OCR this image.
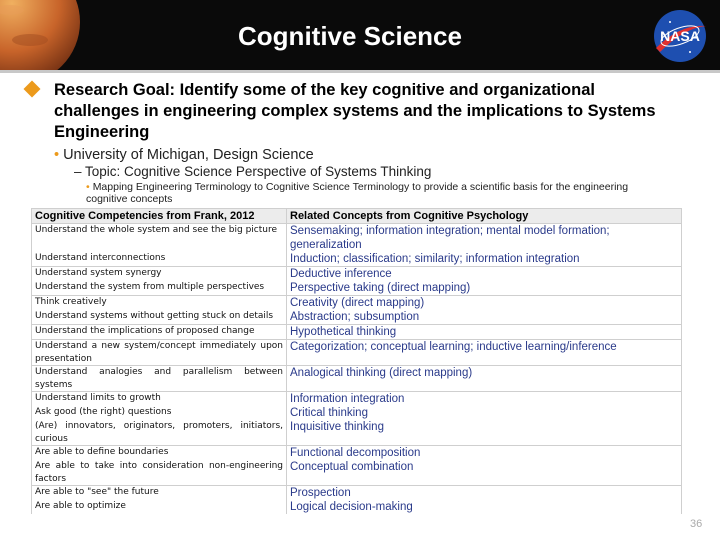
Cognitive Science	NASA
Research Goal: Identify some of the key cognitive and organizational challenges in engineering complex systems and the implications to Systems Engineering
• University of Michigan, Design Science
– Topic: Cognitive Science Perspective of Systems Thinking
• Mapping Engineering Terminology to Cognitive Science Terminology to provide a scientific basis for the engineering cognitive concepts
Cognitive Competencies from Frank, 2012	Related Concepts from Cognitive Psychology
Understand the whole system and see the big picture	Sensemaking; information integration; mental model formation;
generalization

Understand interconnections	Induction; classification; similarity; information integration

Understand system synergy	Deductive inference

Understand the system from multiple perspectives	Perspective taking (direct mapping)

Think creatively	Creativity (direct mapping)

Understand systems without getting stuck on details	Abstraction; subsumption

Understand the implications of proposed change	Hypothetical thinking

Understand a new system/concept immediately upon presentation	Categorization; conceptual learning; inductive learning/inference

Understand analogies and parallelism between systems	Analogical thinking (direct mapping)

Understand limits to growth	Information integration

Ask good (the right) questions	Critical thinking

(Are) innovators, originators, promoters, initiators, curious	Inquisitive thinking

Are able to define boundaries	Functional decomposition

Are able to take into consideration non-engineering factors	Conceptual combination

Are able to "see" the future	Prospection

Are able to optimize	Logical decision-making
36
